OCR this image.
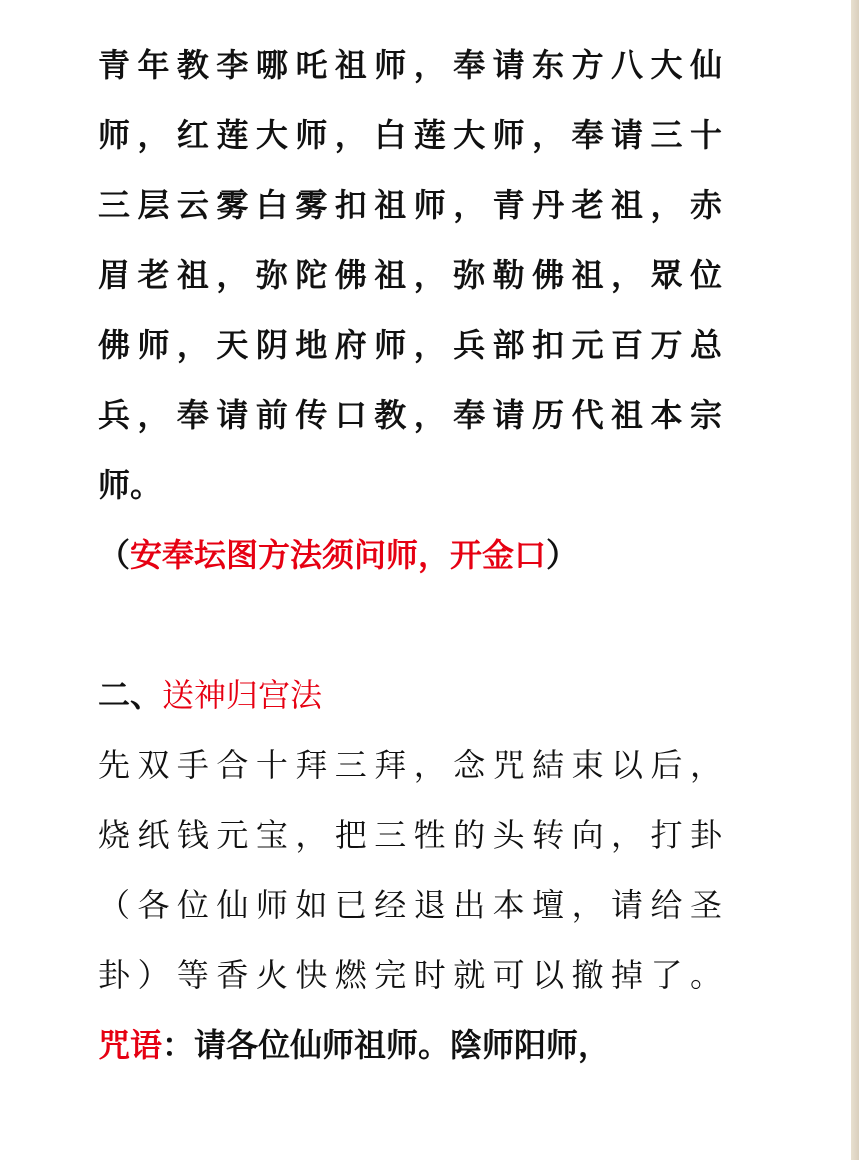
青年教李哪吒祖师，奉请东方八大仙
师，红莲大师，白莲大师，奉请三十
三层云雾白雾扣祖师，青丹老祖，赤
眉老祖，弥陀佛祖，弥勒佛祖，眾位
佛师，天阴地府师，兵部扣元百万总
兵，奉请前传口教，奉请历代祖本宗
师。
（安奉坛图方法须问师，开金口）
二、送神归宫法
先双手合十拜三拜，念咒結束以后，
烧纸钱元宝，把三牲的头转向，打卦
（各位仙师如已经退出本壇，请给圣
卦）等香火快燃完时就可以撤掉了。
咒语：请各位仙师祖师。陰师阳师，
